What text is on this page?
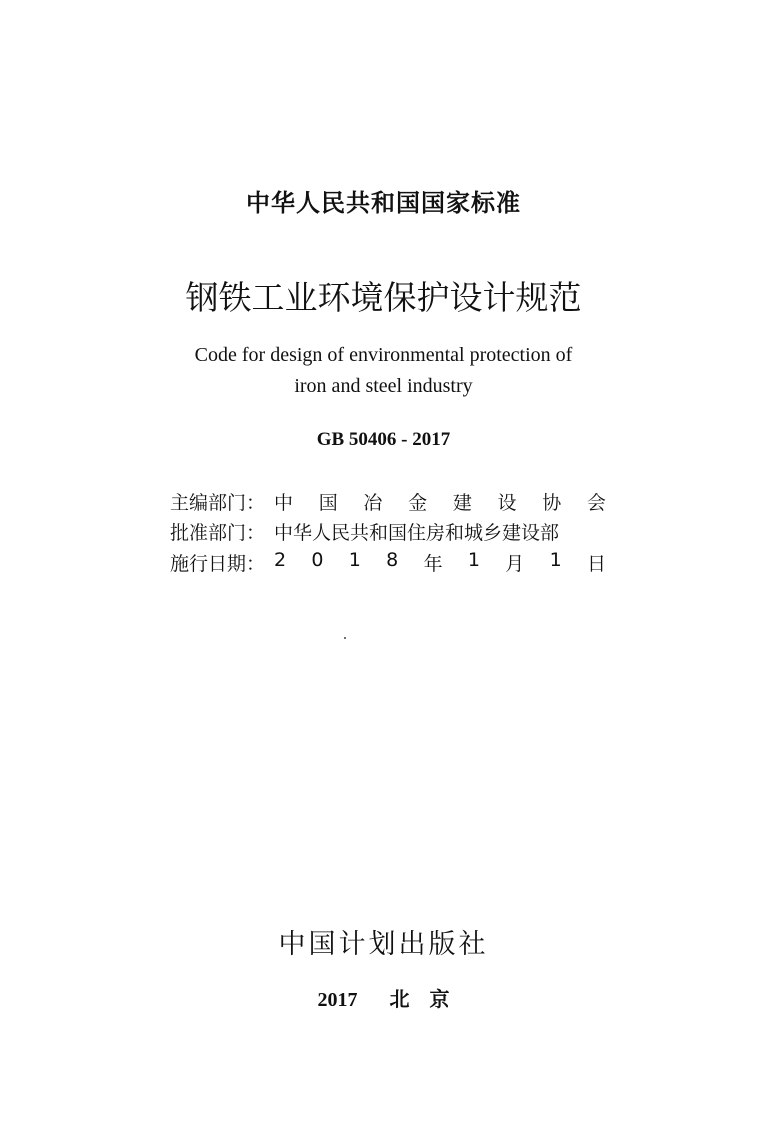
中华人民共和国国家标准
钢铁工业环境保护设计规范
Code for design of environmental protection of
iron and steel industry
GB 50406 - 2017
主编部门： 中 国 冶 金 建 设 协 会
批准部门： 中华人民共和国住房和城乡建设部
施行日期： 2 0 1 8 年 1 月 1 日
中国计划出版社
2017 北　京
